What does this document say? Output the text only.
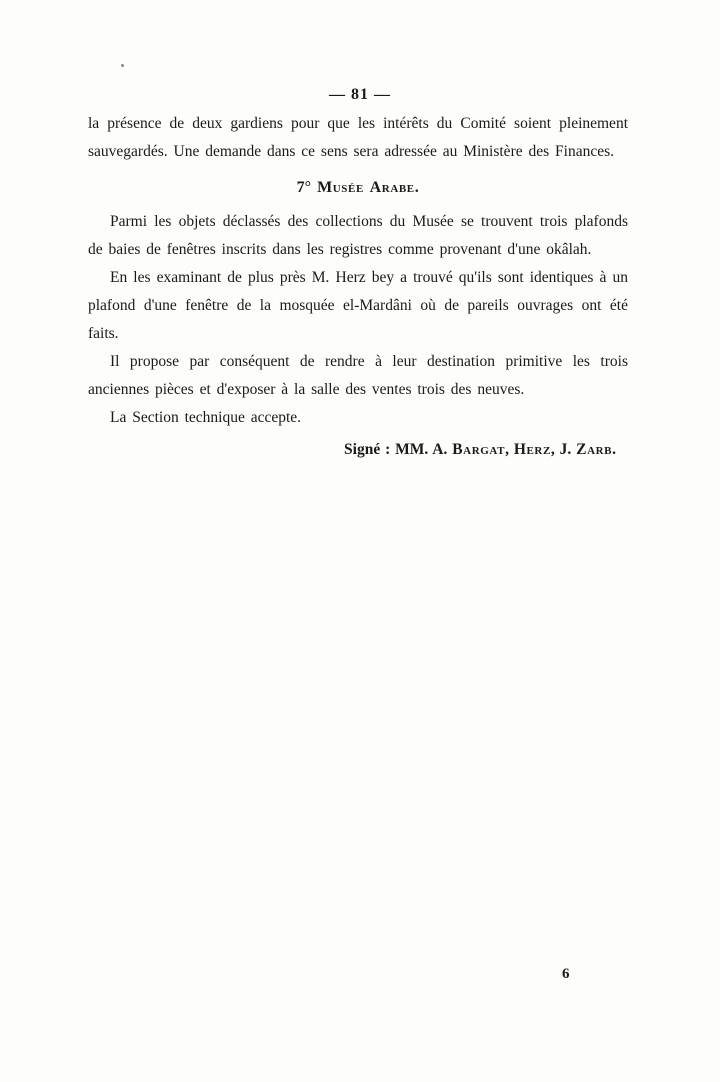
— 81 —

la présence de deux gardiens pour que les intérêts du Comité soient pleinement sauvegardés. Une demande dans ce sens sera adressée au Ministère des Finances.

7° Musée Arabe.

Parmi les objets déclassés des collections du Musée se trouvent trois plafonds de baies de fenêtres inscrits dans les registres comme provenant d'une okâlah.

En les examinant de plus près M. Herz bey a trouvé qu'ils sont identiques à un plafond d'une fenêtre de la mosquée el-Mardâni où de pareils ouvrages ont été faits.

Il propose par conséquent de rendre à leur destination primitive les trois anciennes pièces et d'exposer à la salle des ventes trois des neuves.

La Section technique accepte.

Signé : MM. A. Bargat, Herz, J. Zarb.
6
